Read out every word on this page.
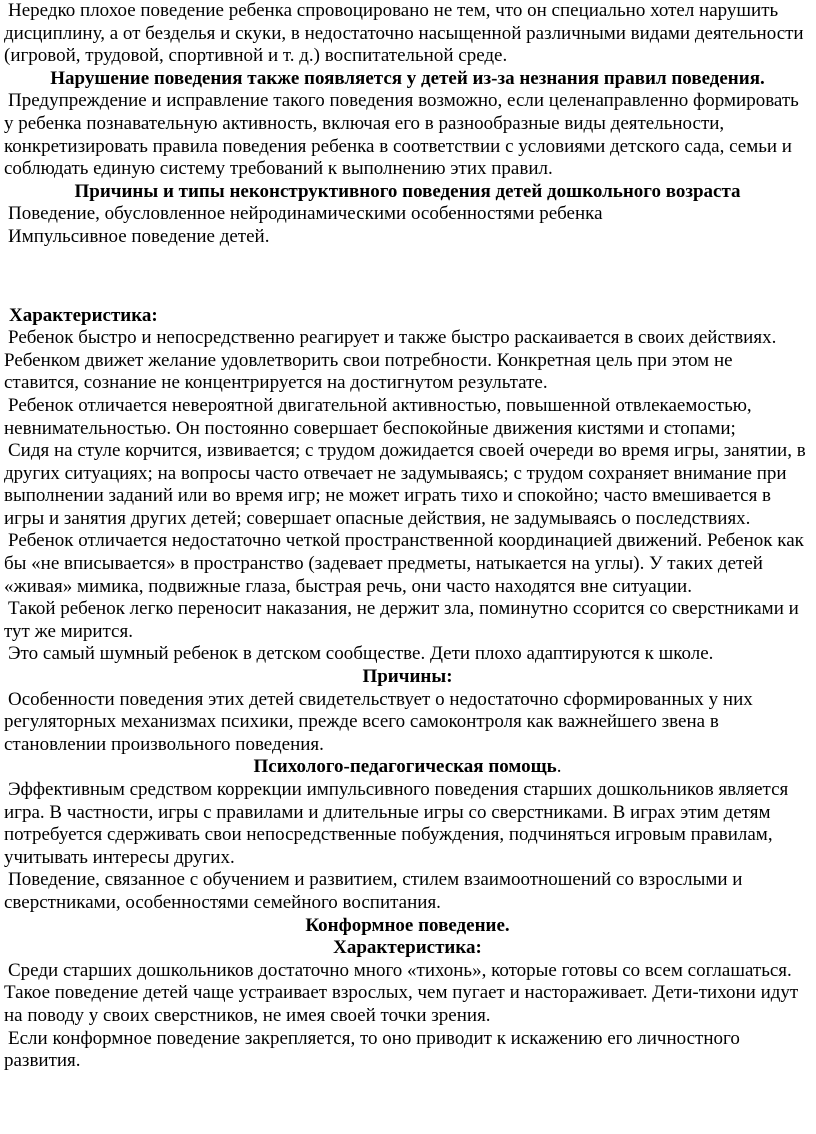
Нередко плохое поведение ребенка спровоцировано не тем, что он специально хотел нарушить дисциплину, а от безделья и скуки, в недостаточно насыщенной различными видами деятельности (игровой, трудовой, спортивной и т. д.) воспитательной среде.

Нарушение поведения также появляется у детей из-за незнания правил поведения.

Предупреждение и исправление такого поведения возможно, если целенаправленно формировать у ребенка познавательную активность, включая его в разнообразные виды деятельности, конкретизировать правила поведения ребенка в соответствии с условиями детского сада, семьи и соблюдать единую систему требований к выполнению этих правил.

Причины и типы неконструктивного поведения детей дошкольного возраста

Поведение, обусловленное нейродинамическими особенностями ребенка

Импульсивное поведение детей.

Характеристика:

Ребенок быстро и непосредственно реагирует и также быстро раскаивается в своих действиях. Ребенком движет желание удовлетворить свои потребности. Конкретная цель при этом не ставится, сознание не концентрируется на достигнутом результате.

Ребенок отличается невероятной двигательной активностью, повышенной отвлекаемостью, невнимательностью. Он постоянно совершает беспокойные движения кистями и стопами;

Сидя на стуле корчится, извивается; с трудом дожидается своей очереди во время игры, занятии, в других ситуациях; на вопросы часто отвечает не задумываясь; с трудом сохраняет внимание при выполнении заданий или во время игр; не может играть тихо и спокойно; часто вмешивается в игры и занятия других детей; совершает опасные действия, не задумываясь о последствиях.

Ребенок отличается недостаточно четкой пространственной координацией движений. Ребенок как бы «не вписывается» в пространство (задевает предметы, натыкается на углы). У таких детей «живая» мимика, подвижные глаза, быстрая речь, они часто находятся вне ситуации.

Такой ребенок легко переносит наказания, не держит зла, поминутно ссорится со сверстниками и тут же мирится.

Это самый шумный ребенок в детском сообществе. Дети плохо адаптируются к школе.

Причины:

Особенности поведения этих детей свидетельствует о недостаточно сформированных у них регуляторных механизмах психики, прежде всего самоконтроля как важнейшего звена в становлении произвольного поведения.

Психолого-педагогическая помощь.

Эффективным средством коррекции импульсивного поведения старших дошкольников является игра. В частности, игры с правилами и длительные игры со сверстниками. В играх этим детям потребуется сдерживать свои непосредственные побуждения, подчиняться игровым правилам, учитывать интересы других.

Поведение, связанное с обучением и развитием, стилем взаимоотношений со взрослыми и сверстниками, особенностями семейного воспитания.

Конформное поведение.

Характеристика:

Среди старших дошкольников достаточно много «тихонь», которые готовы со всем соглашаться. Такое поведение детей чаще устраивает взрослых, чем пугает и настораживает. Дети-тихони идут на поводу у своих сверстников, не имея своей точки зрения.

Если конформное поведение закрепляется, то оно приводит к искажению его личностного развития.
